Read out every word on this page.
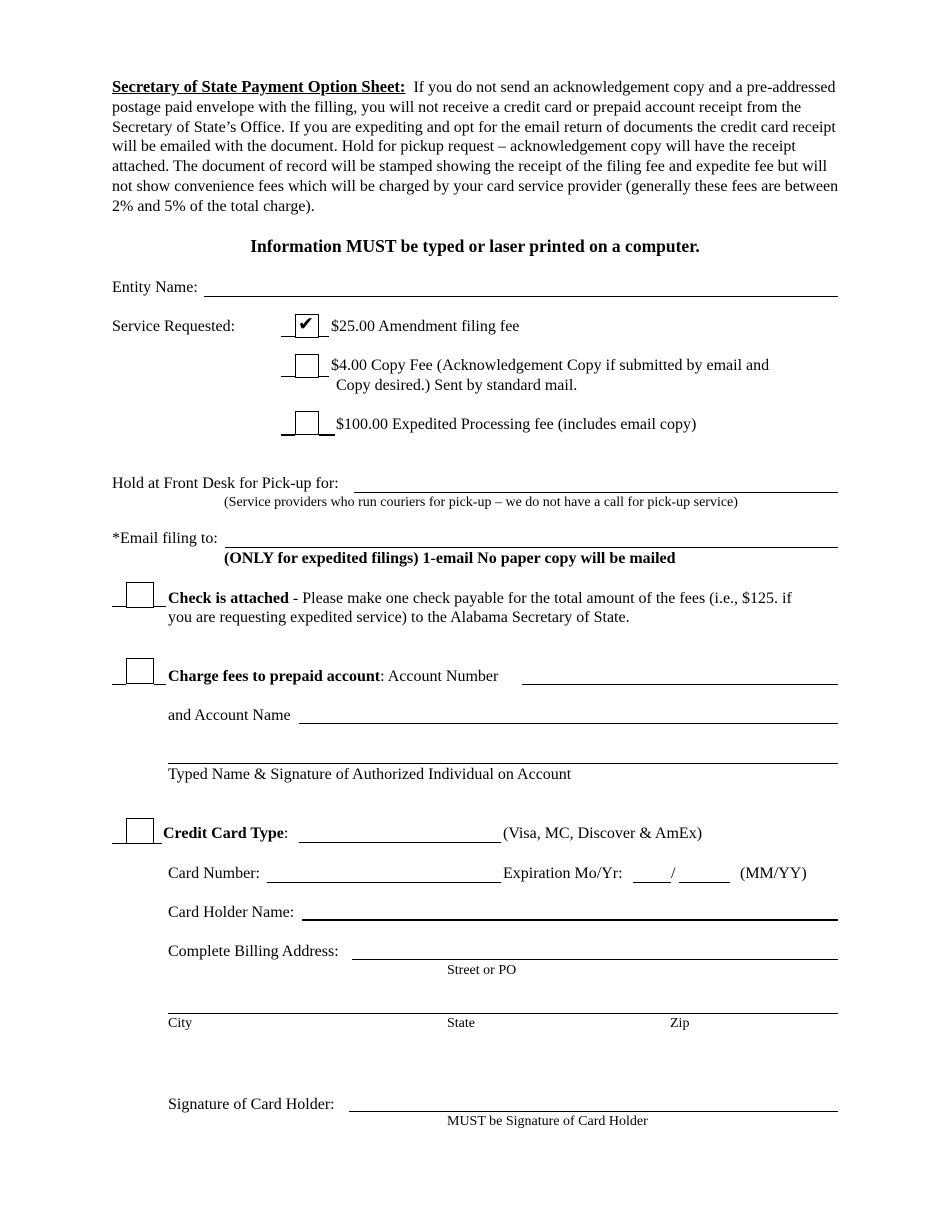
Secretary of State Payment Option Sheet: If you do not send an acknowledgement copy and a pre-addressed postage paid envelope with the filling, you will not receive a credit card or prepaid account receipt from the Secretary of State’s Office. If you are expediting and opt for the email return of documents the credit card receipt will be emailed with the document. Hold for pickup request – acknowledgement copy will have the receipt attached. The document of record will be stamped showing the receipt of the filing fee and expedite fee but will not show convenience fees which will be charged by your card service provider (generally these fees are between 2% and 5% of the total charge).
Information MUST be typed or laser printed on a computer.
Entity Name:
Service Requested:	✔ $25.00 Amendment filing fee
$4.00 Copy Fee (Acknowledgement Copy if submitted by email and
Copy desired.) Sent by standard mail.
$100.00 Expedited Processing fee (includes email copy)
Hold at Front Desk for Pick-up for:
(Service providers who run couriers for pick-up – we do not have a call for pick-up service)
*Email filing to:
(ONLY for expedited filings) 1-email No paper copy will be mailed
Check is attached - Please make one check payable for the total amount of the fees (i.e., $125. if
you are requesting expedited service) to the Alabama Secretary of State.
Charge fees to prepaid account: Account Number
and Account Name
Typed Name & Signature of Authorized Individual on Account
Credit Card Type:	(Visa, MC, Discover & AmEx)
Card Number:	Expiration Mo/Yr:	/	(MM/YY)
Card Holder Name:
Complete Billing Address:
Street or PO
City	State	Zip
Signature of Card Holder:
MUST be Signature of Card Holder
